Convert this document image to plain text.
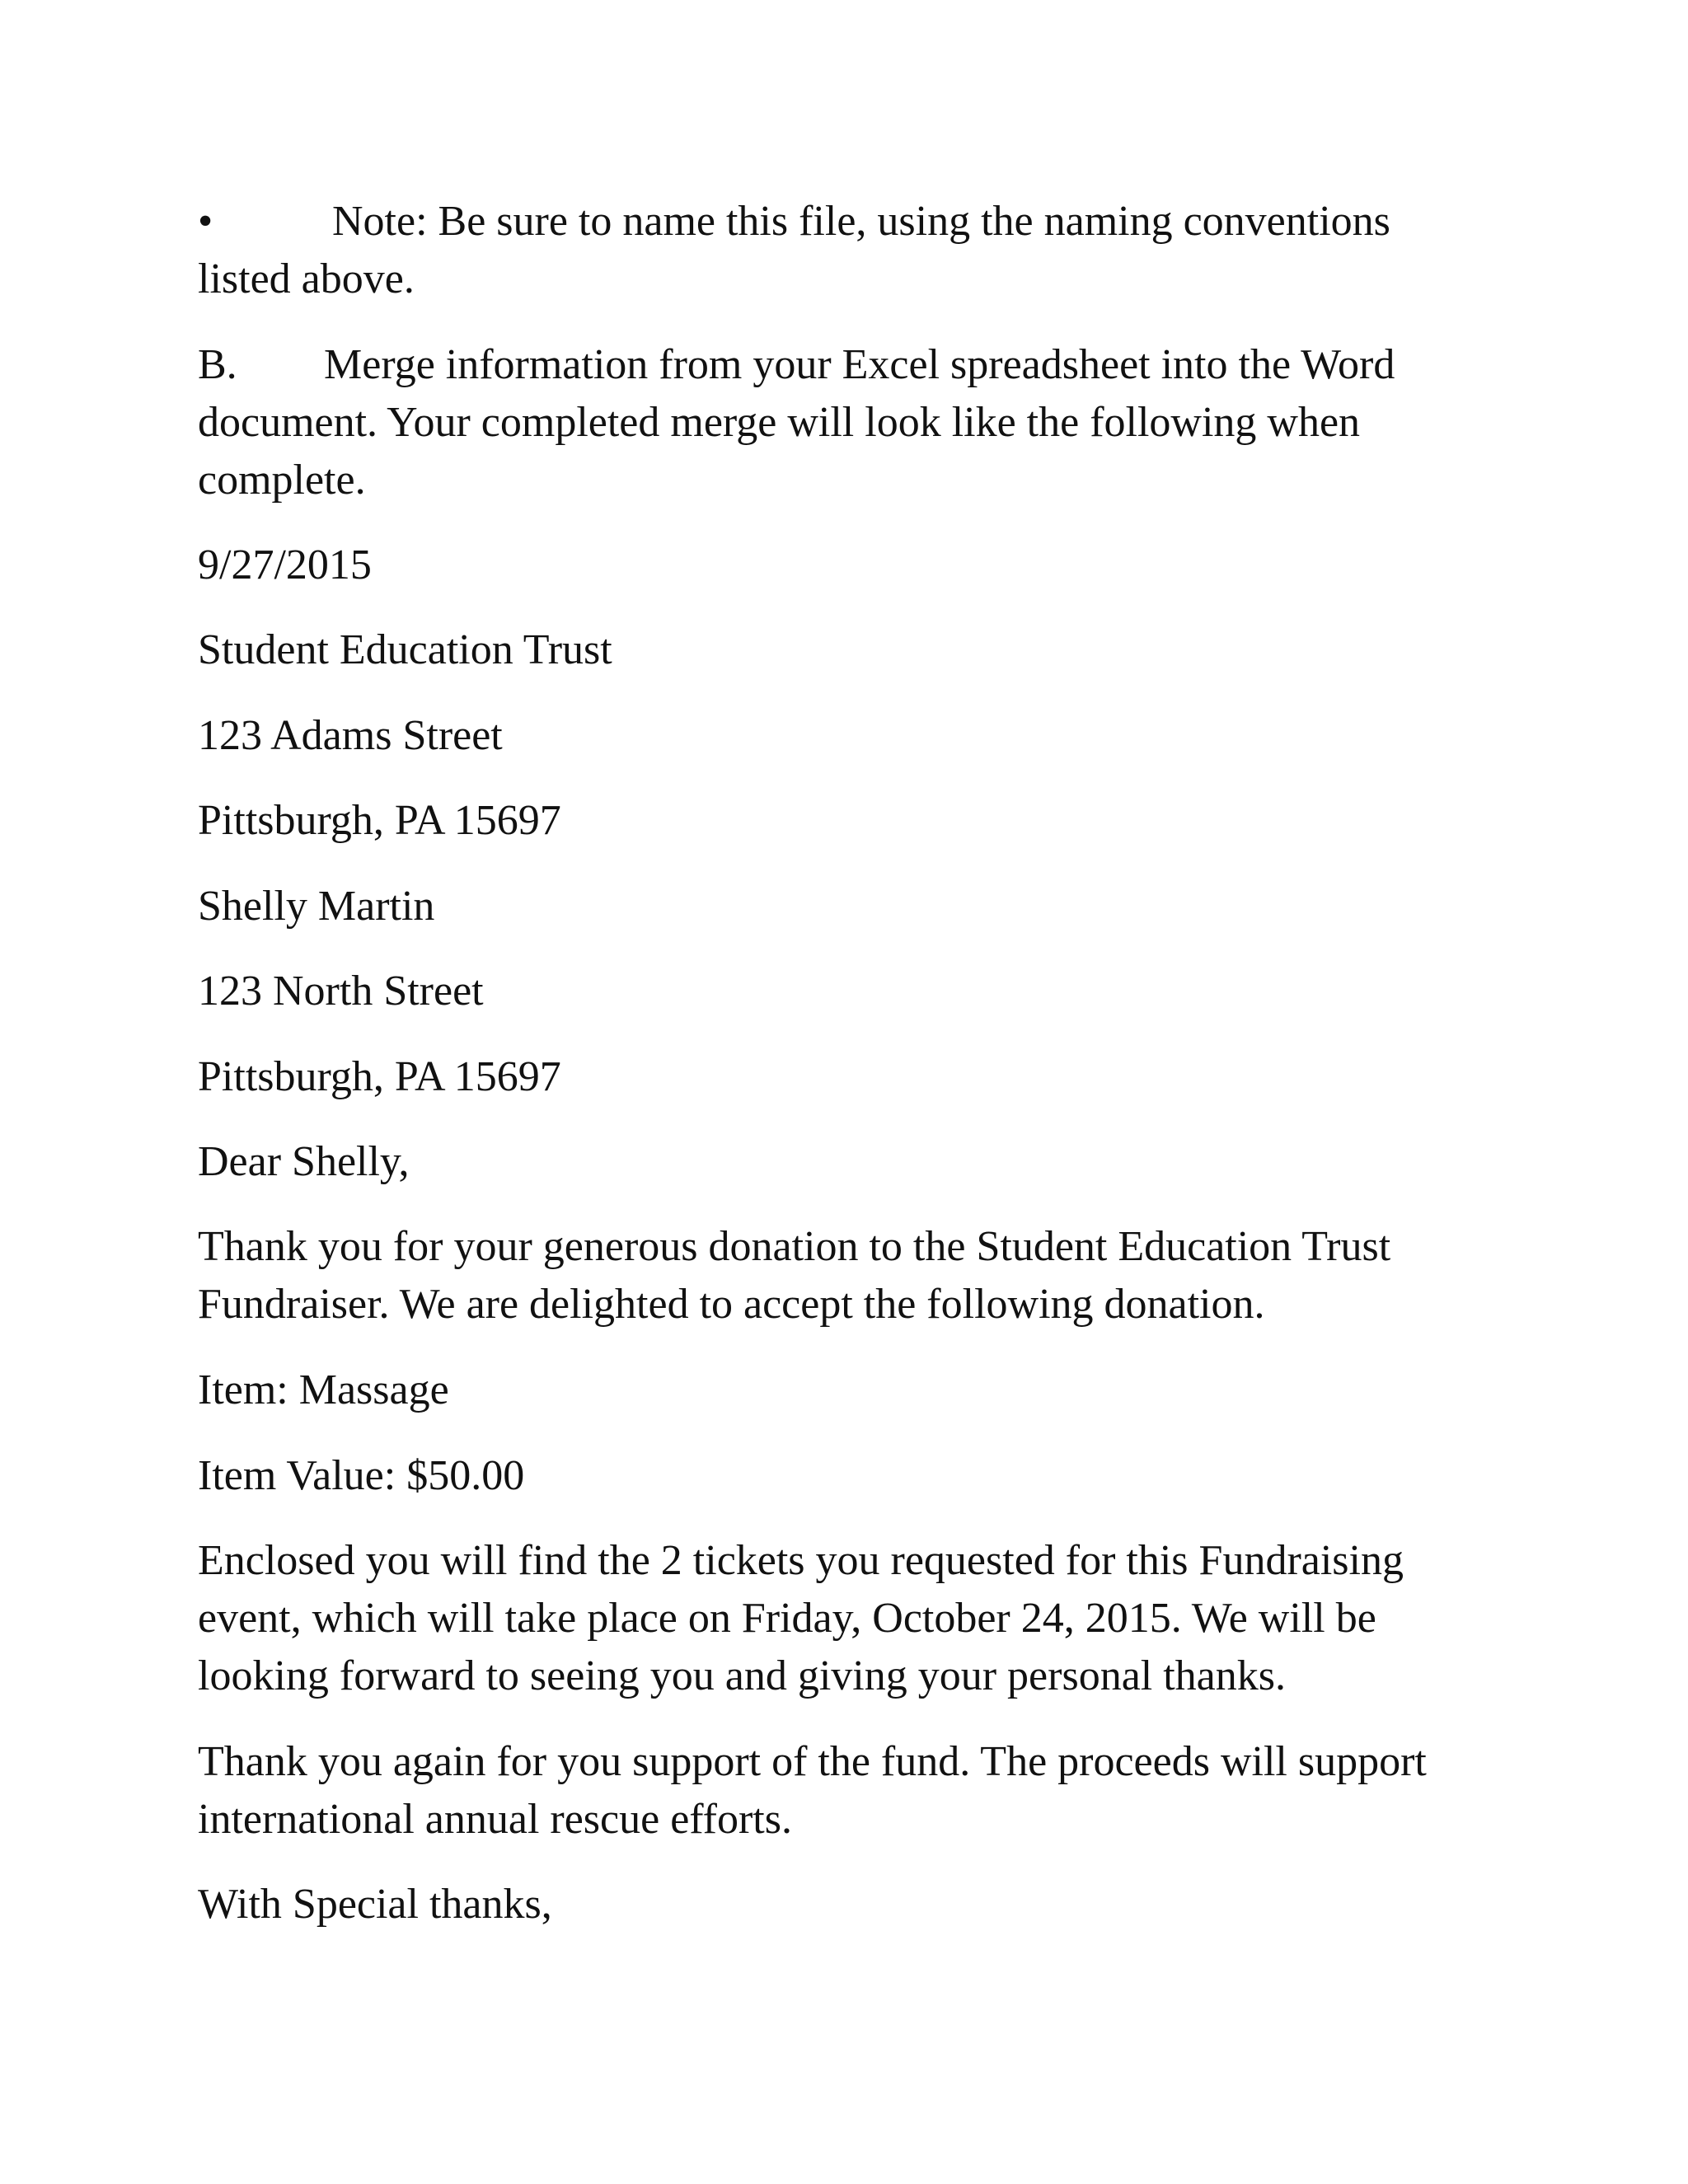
•	Note: Be sure to name this file, using the naming conventions listed above.

B. Merge information from your Excel spreadsheet into the Word document. Your completed merge will look like the following when complete.

9/27/2015

Student Education Trust

123 Adams Street

Pittsburgh, PA 15697

Shelly Martin

123 North Street

Pittsburgh, PA 15697

Dear Shelly,

Thank you for your generous donation to the Student Education Trust Fundraiser. We are delighted to accept the following donation.

Item: Massage

Item Value: $50.00

Enclosed you will find the 2 tickets you requested for this Fundraising event, which will take place on Friday, October 24, 2015. We will be looking forward to seeing you and giving your personal thanks.

Thank you again for you support of the fund. The proceeds will support international annual rescue efforts.

With Special thanks,
